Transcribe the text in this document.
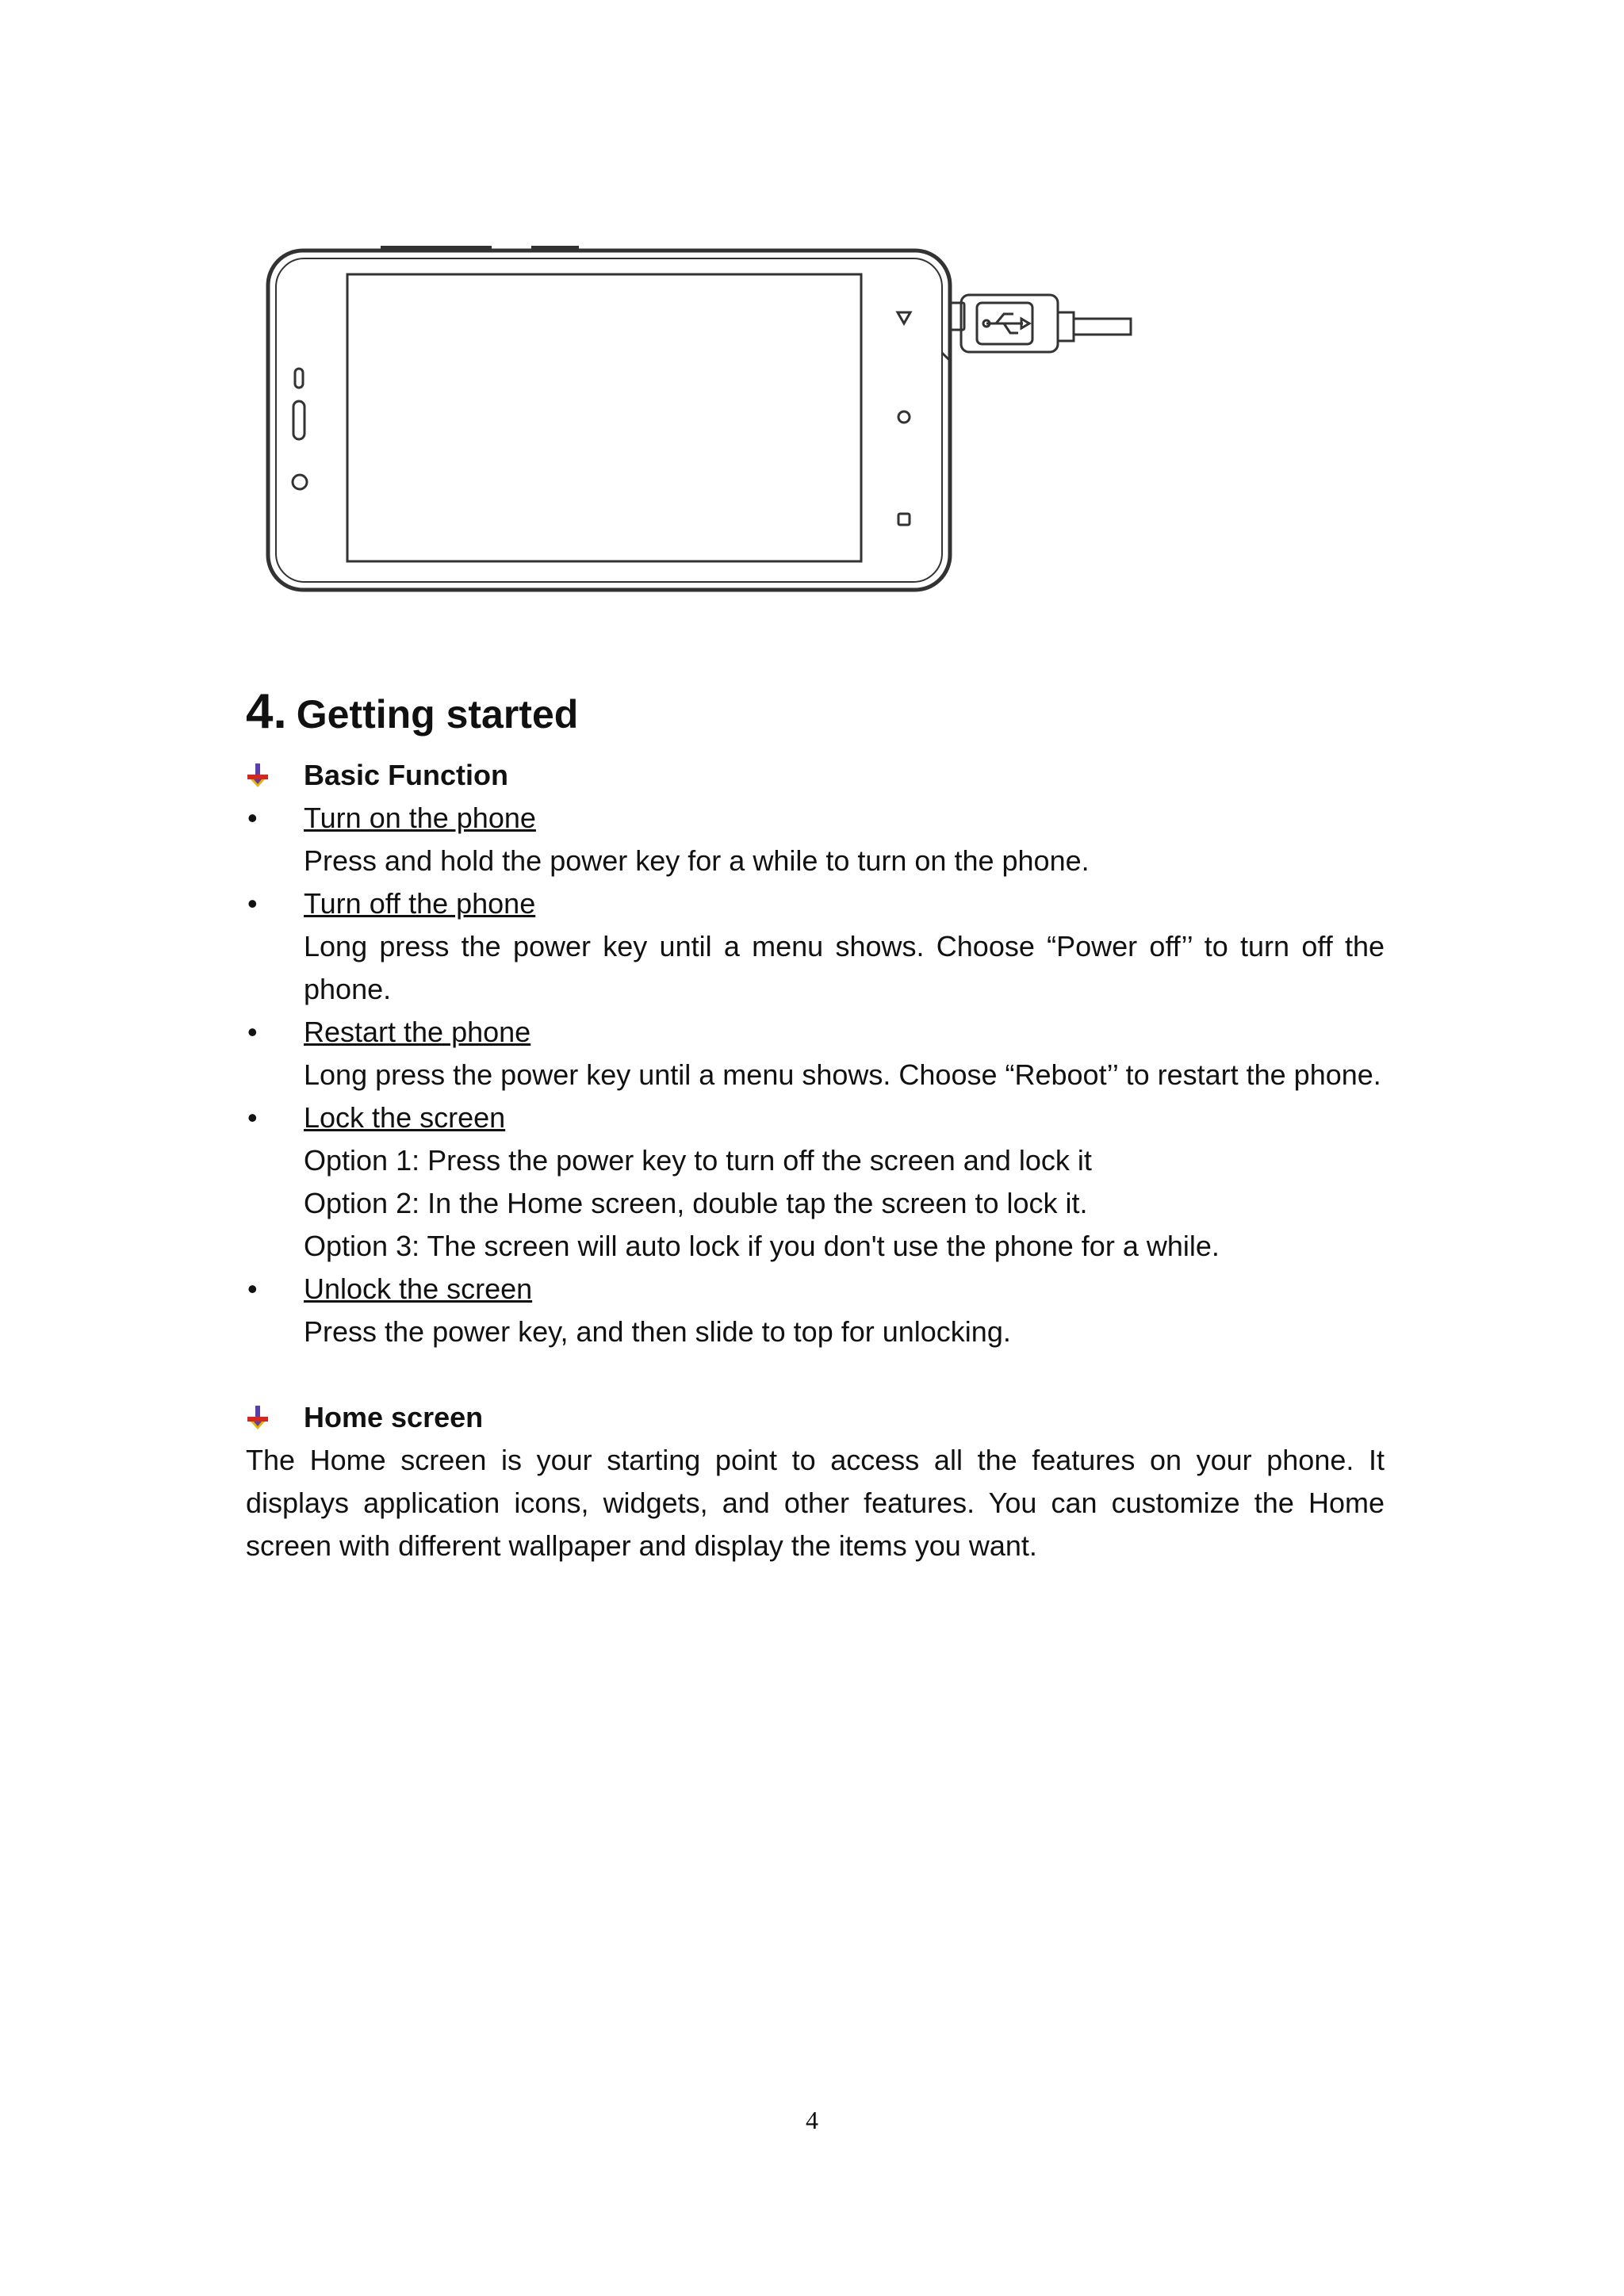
4. Getting started
Basic Function
•	Turn on the phone
Press and hold the power key for a while to turn on the phone.
•	Turn off the phone
Long press the power key until a menu shows. Choose “Power off’’ to turn off the phone.
•	Restart the phone
Long press the power key until a menu shows. Choose “Reboot’’ to restart the phone.
•	Lock the screen
Option 1: Press the power key to turn off the screen and lock it
Option 2: In the Home screen, double tap the screen to lock it.
Option 3: The screen will auto lock if you don't use the phone for a while.
•	Unlock the screen
Press the power key, and then slide to top for unlocking.
Home screen
The Home screen is your starting point to access all the features on your phone. It displays application icons, widgets, and other features. You can customize the Home screen with different wallpaper and display the items you want.
4
